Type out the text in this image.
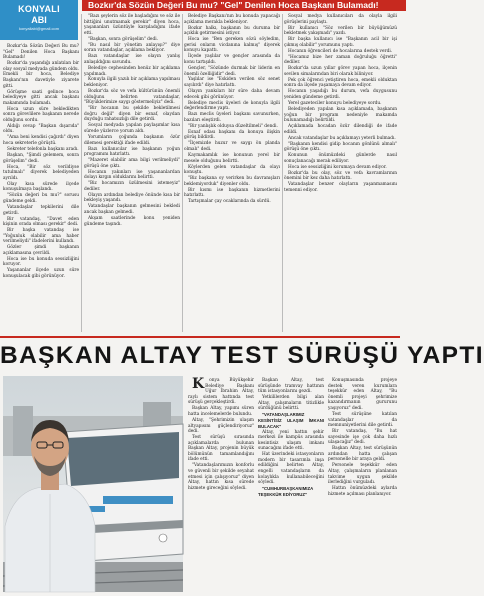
KONYALI
ABI
konyaliabi@gmail.com
Bozkır'da Sözün Değeri Bu mu? "Gel" Denilen Hoca Başkanı Bulamadı!

Bozkır'da Sözün Değeri Bu mu? "Gel" Denilen Hoca Başkanı Bulamadı!

Bozkır'da yaşandığı anlatılan bir olay sosyal medyada gündem oldu. Emekli bir hoca, Belediye Başkanı'nın davetiyle ziyarete gitti.

Görüşme saati gelince hoca belediyeye gitti ancak başkanı makamında bulamadı.

Hoca uzun süre bekledikten sonra görevlilere başkanın nerede olduğunu sordu.

Aldığı cevap "Başkan dışarıda" oldu.

"Ama beni kendisi çağırdı" diyen hoca sekreterle görüştü.

Sekreter telefonla başkanı aradı.

Başkan, "Şimdi gelemem, sonra görüşelim" dedi.

Hoca, "Bir söz verildiyse tutulmalı" diyerek belediyeden ayrıldı.

Olay kısa sürede ilçede konuşulmaya başlandı.

"Sözün değeri bu mu?" sorusu gündeme geldi.

Vatandaşlar tepkilerini dile getirdi.

Bir vatandaş, "Davet eden kişinin orada olması gerekir" dedi.

Bir başka vatandaş ise "Yoğunluk olabilir ama haber verilmeliydi" ifadelerini kullandı.

Gözler şimdi başkanın açıklamasına çevrildi.

Hoca ise bu konuda sessizliğini koruyor.

Yaşananlar ilçede uzun süre konuşulacak gibi görünüyor.

"Bazı şeylerin söz ile başladığını ve söz ile bittiğini unutmamak gerekir" diyen hoca, yaşananları üzüntüyle karşıladığını ifade etti.

"Başkan, sonra görüşelim" dedi.

"Bu nasıl bir yönetim anlayışı?" diye soran vatandaşlar, açıklama bekliyor.

Bazı vatandaşlar ise olayın yanlış anlaşıldığını savundu.

Belediye cephesinden henüz bir açıklama yapılmadı.

Konuyla ilgili yazılı bir açıklama yapılması bekleniyor.

Bozkır'da söz ve vefa kültürünün önemli olduğunu belirten vatandaşlar, "Büyüklerimize saygı göstermeliyiz" dedi.

"Bir hocanın bu şekilde bekletilmesi doğru değil" diyen bir esnaf, olaydan duyduğu rahatsızlığı dile getirdi.

Sosyal medyada yapılan paylaşımlar kısa sürede yüzlerce yorum aldı.

Yorumların çoğunda başkanın özür dilemesi gerektiği ifade edildi.

Bazı kullanıcılar ise başkanın yoğun programını hatırlattı.

"Mazeret olabilir ama bilgi verilmeliydi" görüşü öne çıktı.

Hocanın yakınları ise yaşananlardan dolayı kırgın olduklarını belirtti.

"Biz hocamızın üzülmesini istemeyiz" dediler.

Olayın ardından belediye önünde kısa bir bekleyiş yaşandı.

Vatandaşlar başkanın gelmesini bekledi ancak başkan gelmedi.

Akşam saatlerinde konu yeniden gündeme taşındı.

Belediye Başkanı'nın bu konuda yapacağı açıklama merakla bekleniyor.

Bozkır halkı, başkanın bu duruma bir açıklık getirmesini istiyor.

Hoca ise "Ben gereken sözü söyledim, gerisi onların vicdanına kalmış" diyerek konuyu kapattı.

İlçede yaşlılar ve gençler arasında da konu tartışıldı.

Gençler, "Sözünde durmak bir liderin en önemli özelliğidir" dedi.

Yaşlılar ise "Eskiden verilen söz senet sayılırdı" diye hatırlattı.

Olayın yankıları bir süre daha devam edecek gibi görünüyor.

Belediye meclis üyeleri de konuyla ilgili değerlendirme yaptı.

Bazı meclis üyeleri başkanı savunurken, bazıları eleştirdi.

"Bir yanlışlık olduysa düzeltilmeli" dendi.

Esnaf odası başkanı da konuya ilişkin görüş bildirdi.

"İlçemizde huzur ve saygı ön planda olmalı" dedi.

Kaymakamlık ise konunun yerel bir mesele olduğunu belirtti.

Köylerden gelen vatandaşlar da olayı konuştu.

"Biz başkana oy verirken bu davranışları beklemiyorduk" diyenler oldu.

Bir kısmı ise başkanın hizmetlerini hatırlattı.

Tartışmalar çay ocaklarında da sürdü.

Sosyal medya kullanıcıları da olayla ilgili görüşlerini paylaştı.

Bir kullanıcı "Söz verilen bir büyüğümüzü bekletmek yakışmadı" yazdı.

Bir başka kullanıcı ise "Başkanın acil bir işi çıkmış olabilir" yorumunu yaptı.

Hocanın öğrencileri de hocalarına destek verdi.

"Hocamız bize her zaman doğruluğu öğretti" dediler.

Bozkır'da uzun yıllar görev yapan hoca, ilçenin sevilen simalarından biri olarak biliniyor.

Pek çok öğrenci yetiştiren hoca, emekli olduktan sonra da ilçede yaşamaya devam ediyor.

Hocanın yaşadığı bu durum, vefa duygusunu yeniden gündeme getirdi.

Yerel gazeteciler konuyu belediyeye sordu.

Belediyeden yapılan kısa açıklamada, başkanın yoğun bir program nedeniyle makamda bulunamadığı belirtildi.

Açıklamada hocadan özür dilendiği de ifade edildi.

Ancak vatandaşlar bu açıklamayı yeterli bulmadı.

"Başkanın kendisi gidip hocanın gönlünü almalı" görüşü öne çıktı.

Konunun önümüzdeki günlerde nasıl sonuçlanacağı merak ediliyor.

Hoca ise sessizliğini korumaya devam ediyor.

Bozkır'da bu olay, söz ve vefa kavramlarının önemini bir kez daha hatırlattı.

Vatandaşlar benzer olayların yaşanmamasını temenni ediyor.

BAŞKAN ALTAY TEST SÜRÜŞÜ YAPTI

Konya Büyükşehir Belediye Başkanı Uğur İbrahim Altay, raylı sistem hattında test sürüşü gerçekleştirdi.

Başkan Altay, yapımı süren hatta incelemelerde bulundu.

Altay, "Şehrimizin ulaşım altyapısını güçlendiriyoruz" dedi.

Test sürüşü sırasında açıklamalarda bulunan Başkan Altay, projenin büyük bölümünün tamamlandığını ifade etti.

"Vatandaşlarımızın konforlu ve güvenli bir şekilde seyahat etmesi için çalışıyoruz" diyen Altay, hattın kısa sürede hizmete gireceğini söyledi.

Başkan Altay, test sürüşünde tramvay hattının tüm istasyonlarını gezdi.

Yetkililerden bilgi alan Altay, çalışmaların titizlikle sürdüğünü belirtti.

"VATANDAŞLARIMIZ KESİNTİSİZ ULAŞIM İMKANI BULACAK"

Altay, yeni hattın şehir merkezi ile kampüs arasında kesintisiz ulaşım imkanı sunacağını ifade etti.

Hat üzerindeki istasyonların modern bir tasarımla inşa edildiğini belirten Altay, engelli vatandaşların da kolaylıkla kullanabileceğini söyledi.

"CUMHURBAŞKANIMIZA TEŞEKKÜR EDİYORUZ"

Konuşmasında projeye destek veren kurumlara teşekkür eden Altay, "Bu önemli projeyi şehrimize kazandırmanın gururunu yaşıyoruz" dedi.

Test sürüşüne katılan vatandaşlar da memnuniyetlerini dile getirdi.

Bir vatandaş, "Bu hat sayesinde işe çok daha hızlı ulaşacağız" dedi.

Başkan Altay, test sürüşünün ardından hatta çalışan personelle bir araya geldi.

Personele teşekkür eden Altay, çalışmaların planlanan takvime uygun şekilde ilerlediğini vurguladı.

Hattın önümüzdeki aylarda hizmete açılması planlanıyor.
